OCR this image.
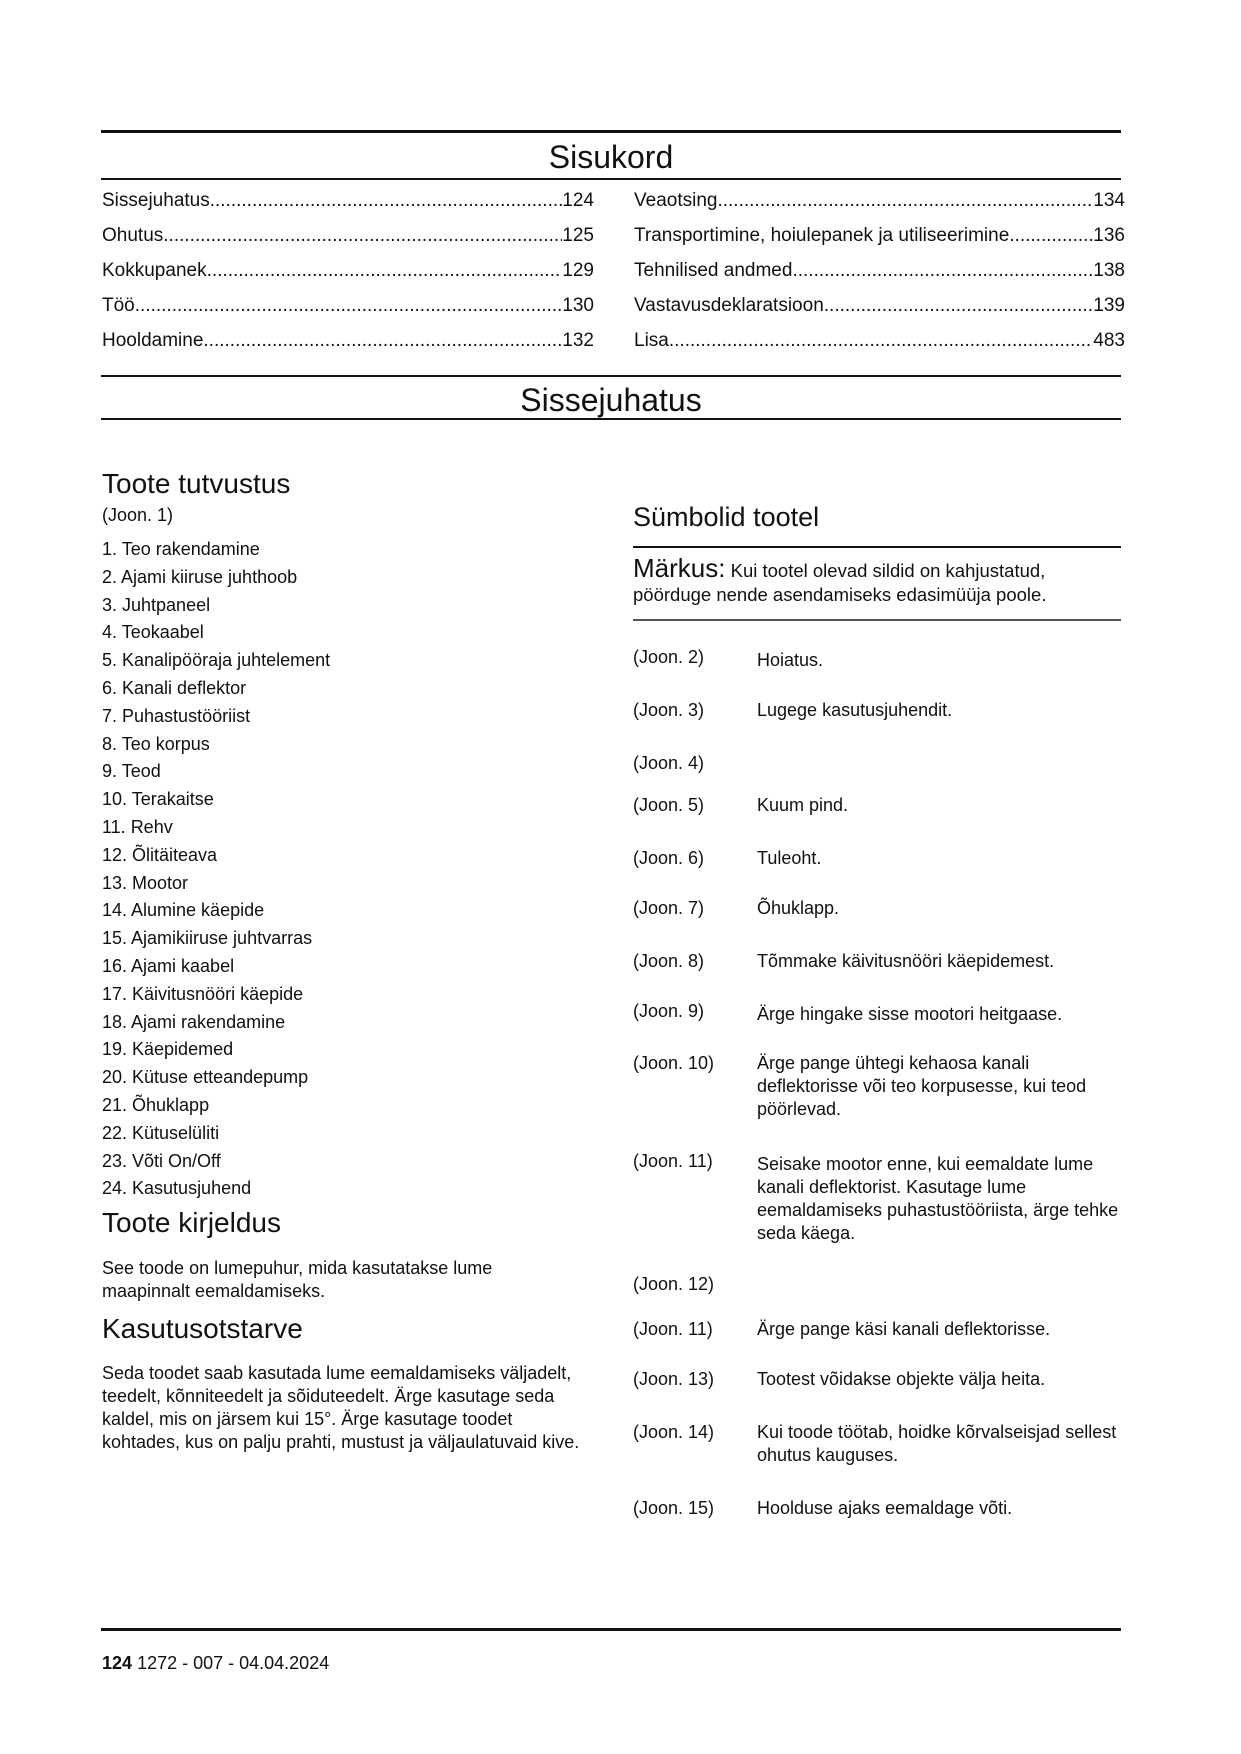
Sisukord
Sissejuhatus .....	124
Ohutus .....	125
Kokkupanek .....	129
Töö .....	130
Hooldamine .....	132
Veaotsing .....	134
Transportimine, hoiulepanek ja utiliseerimine .....	136
Tehnilised andmed .....	138
Vastavusdeklaratsioon .....	139
Lisa .....	483
Sissejuhatus
Toote tutvustus
(Joon. 1)
1. Teo rakendamine
2. Ajami kiiruse juhthoob
3. Juhtpaneel
4. Teokaabel
5. Kanalipööraja juhtelement
6. Kanali deflektor
7. Puhastustööriist
8. Teo korpus
9. Teod
10. Terakaitse
11. Rehv
12. Õlitäiteava
13. Mootor
14. Alumine käepide
15. Ajamikiiruse juhtvarras
16. Ajami kaabel
17. Käivitusnööri käepide
18. Ajami rakendamine
19. Käepidemed
20. Kütuse etteandepump
21. Õhuklapp
22. Kütuselüliti
23. Võti On/Off
24. Kasutusjuhend
Toote kirjeldus
See toode on lumepuhur, mida kasutatakse lume maapinnalt eemaldamiseks.
Kasutusotstarve
Seda toodet saab kasutada lume eemaldamiseks väljadelt, teedelt, kõnniteedelt ja sõiduteedelt. Ärge kasutage seda kaldel, mis on järsem kui 15°. Ärge kasutage toodet kohtades, kus on palju prahti, mustust ja väljaulatuvaid kive.
Sümbolid tootel
Märkus: Kui tootel olevad sildid on kahjustatud, pöörduge nende asendamiseks edasimüüja poole.
(Joon. 2)	Hoiatus.
(Joon. 3)	Lugege kasutusjuhendit.
(Joon. 4)
(Joon. 5)	Kuum pind.
(Joon. 6)	Tuleoht.
(Joon. 7)	Õhuklapp.
(Joon. 8)	Tõmmake käivitusnööri käepidemest.
(Joon. 9)	Ärge hingake sisse mootori heitgaase.
(Joon. 10) Ärge pange ühtegi kehaosa kanali deflektorisse või teo korpusesse, kui teod pöörlevad.
(Joon. 11) Seisake mootor enne, kui eemaldate lume kanali deflektorist. Kasutage lume eemaldamiseks puhastustööriista, ärge tehke seda käega.
(Joon. 12)
(Joon. 11) Ärge pange käsi kanali deflektorisse.
(Joon. 13) Tootest võidakse objekte välja heita.
(Joon. 14) Kui toode töötab, hoidke kõrvalseisjad sellest ohutus kauguses.
(Joon. 15) Hoolduse ajaks eemaldage võti.
124 1272 - 007 - 04.04.2024
